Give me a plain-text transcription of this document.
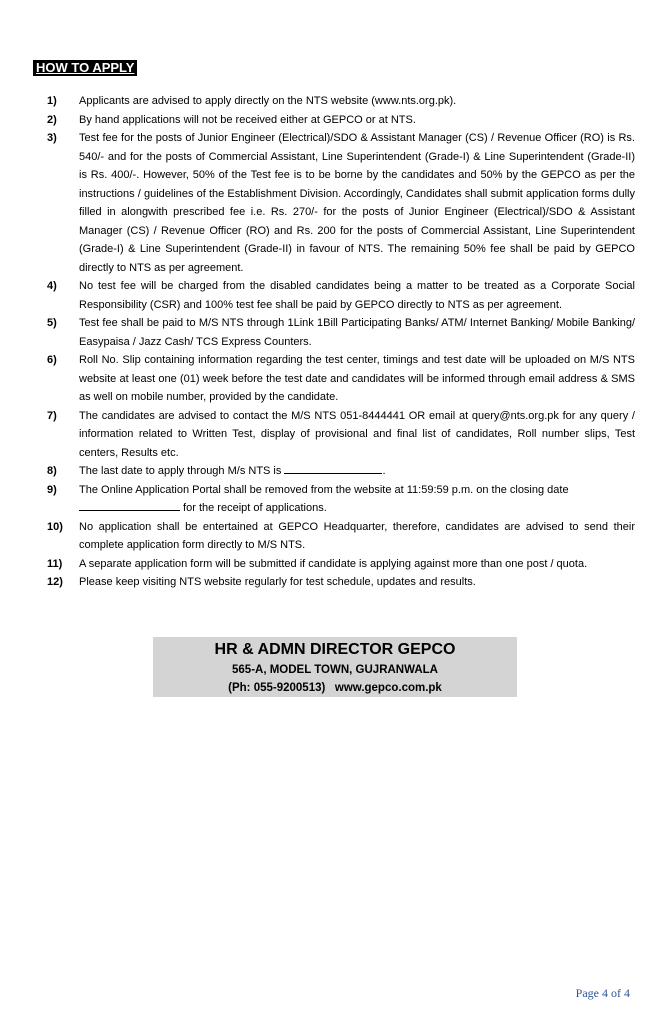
HOW TO APPLY
1) Applicants are advised to apply directly on the NTS website (www.nts.org.pk).
2) By hand applications will not be received either at GEPCO or at NTS.
3) Test fee for the posts of Junior Engineer (Electrical)/SDO & Assistant Manager (CS) / Revenue Officer (RO) is Rs. 540/- and for the posts of Commercial Assistant, Line Superintendent (Grade-I) & Line Superintendent (Grade-II) is Rs. 400/-. However, 50% of the Test fee is to be borne by the candidates and 50% by the GEPCO as per the instructions / guidelines of the Establishment Division. Accordingly, Candidates shall submit application forms dully filled in alongwith prescribed fee i.e. Rs. 270/- for the posts of Junior Engineer (Electrical)/SDO & Assistant Manager (CS) / Revenue Officer (RO) and Rs. 200 for the posts of Commercial Assistant, Line Superintendent (Grade-I) & Line Superintendent (Grade-II) in favour of NTS. The remaining 50% fee shall be paid by GEPCO directly to NTS as per agreement.
4) No test fee will be charged from the disabled candidates being a matter to be treated as a Corporate Social Responsibility (CSR) and 100% test fee shall be paid by GEPCO directly to NTS as per agreement.
5) Test fee shall be paid to M/S NTS through 1Link 1Bill Participating Banks/ ATM/ Internet Banking/ Mobile Banking/ Easypaisa / Jazz Cash/ TCS Express Counters.
6) Roll No. Slip containing information regarding the test center, timings and test date will be uploaded on M/S NTS website at least one (01) week before the test date and candidates will be informed through email address & SMS as well on mobile number, provided by the candidate.
7) The candidates are advised to contact the M/S NTS 051-8444441 OR email at query@nts.org.pk for any query / information related to Written Test, display of provisional and final list of candidates, Roll number slips, Test centers, Results etc.
8) The last date to apply through M/s NTS is	.
9) The Online Application Portal shall be removed from the website at 11:59:59 p.m. on the closing date
for the receipt of applications.
10) No application shall be entertained at GEPCO Headquarter, therefore, candidates are advised to send their complete application form directly to M/S NTS.
11) A separate application form will be submitted if candidate is applying against more than one post / quota.
12) Please keep visiting NTS website regularly for test schedule, updates and results.
HR & ADMN DIRECTOR GEPCO
565-A, MODEL TOWN, GUJRANWALA
(Ph: 055-9200513)   www.gepco.com.pk
Page 4 of 4
